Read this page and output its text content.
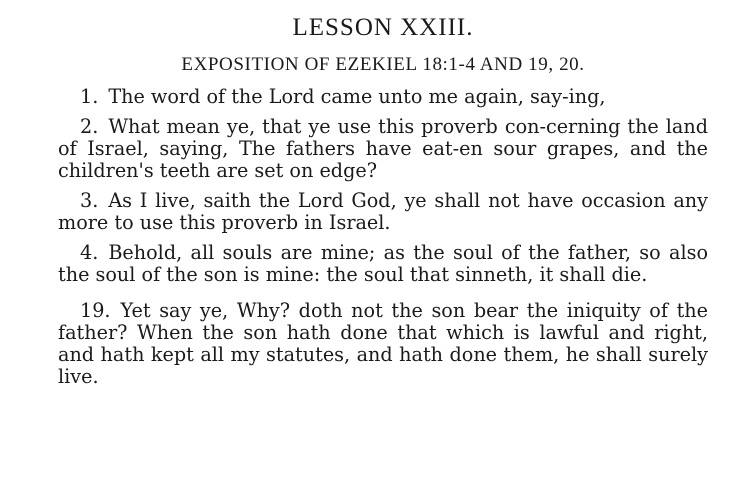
LESSON XXIII.
EXPOSITION OF EZEKIEL 18:1-4 AND 19, 20.

1. The word of the Lord came unto me again, say-ing,

2. What mean ye, that ye use this proverb con-cerning the land of Israel, saying, The fathers have eat-en sour grapes, and the children's teeth are set on edge?

3. As I live, saith the Lord God, ye shall not have occasion any more to use this proverb in Israel.

4. Behold, all souls are mine; as the soul of the father, so also the soul of the son is mine: the soul that sinneth, it shall die.

19. Yet say ye, Why? doth not the son bear the iniquity of the father? When the son hath done that which is lawful and right, and hath kept all my statutes, and hath done them, he shall surely live.
